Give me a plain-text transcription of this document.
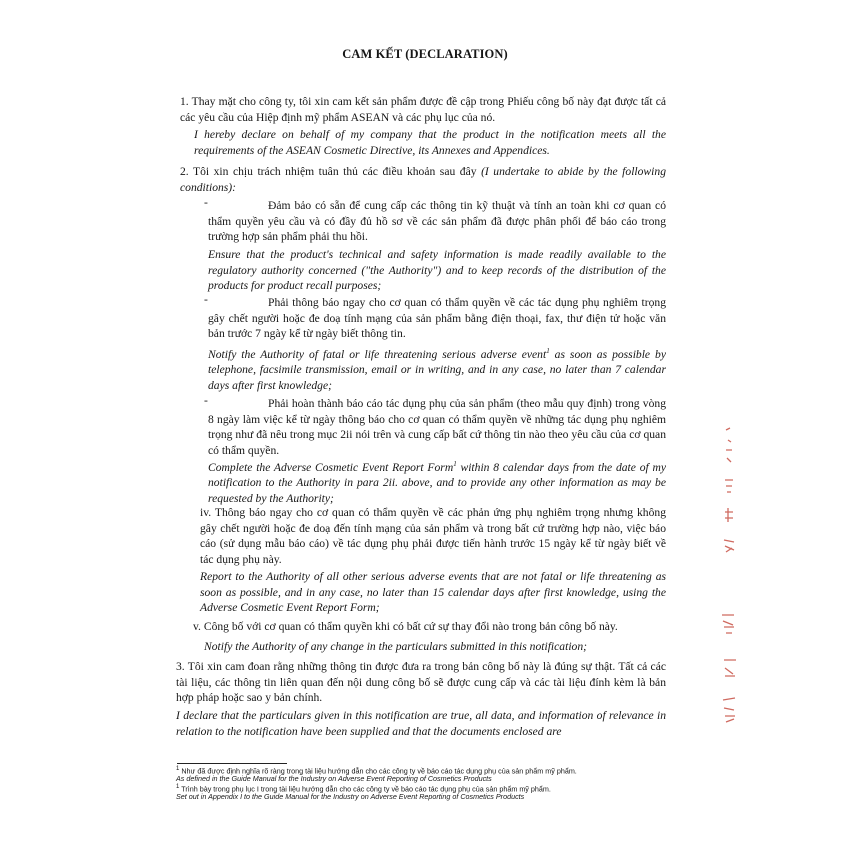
CAM KẾT (DECLARATION)

1. Thay mặt cho công ty, tôi xin cam kết sản phẩm được đề cập trong Phiếu công bố này đạt được tất cả các yêu cầu của Hiệp định mỹ phẩm ASEAN và các phụ lục của nó.

I hereby declare on behalf of my company that the product in the notification meets all the requirements of the ASEAN Cosmetic Directive, its Annexes and Appendices.

2. Tôi xin chịu trách nhiệm tuân thủ các điều khoản sau đây (I undertake to abide by the following conditions):

-	Đảm bảo có sẵn để cung cấp các thông tin kỹ thuật và tính an toàn khi cơ quan có thẩm quyền yêu cầu và có đầy đủ hồ sơ về các sản phẩm đã được phân phối để báo cáo trong trường hợp sản phẩm phải thu hồi.

Ensure that the product's technical and safety information is made readily available to the regulatory authority concerned ("the Authority") and to keep records of the distribution of the products for product recall purposes;

-	Phải thông báo ngay cho cơ quan có thẩm quyền về các tác dụng phụ nghiêm trọng gây chết người hoặc đe doạ tính mạng của sản phẩm bằng điện thoại, fax, thư điện tử hoặc văn bản trước 7 ngày kể từ ngày biết thông tin.

Notify the Authority of fatal or life threatening serious adverse event$^1$ as soon as possible by telephone, facsimile transmission, email or in writing, and in any case, no later than 7 calendar days after first knowledge;

-	Phải hoàn thành báo cáo tác dụng phụ của sản phẩm (theo mẫu quy định) trong vòng 8 ngày làm việc kể từ ngày thông báo cho cơ quan có thẩm quyền về những tác dụng phụ nghiêm trọng như đã nêu trong mục 2ii nói trên và cung cấp bất cứ thông tin nào theo yêu cầu của cơ quan có thẩm quyền.

Complete the Adverse Cosmetic Event Report Form$^1$ within 8 calendar days from the date of my notification to the Authority in para 2ii. above, and to provide any other information as may be requested by the Authority;

iv. Thông báo ngay cho cơ quan có thẩm quyền về các phản ứng phụ nghiêm trọng nhưng không gây chết người hoặc đe doạ đến tính mạng của sản phẩm và trong bất cứ trường hợp nào, việc báo cáo (sử dụng mẫu báo cáo) về tác dụng phụ phải được tiến hành trước 15 ngày kể từ ngày biết về tác dụng phụ này.

Report to the Authority of all other serious adverse events that are not fatal or life threatening as soon as possible, and in any case, no later than 15 calendar days after first knowledge, using the Adverse Cosmetic Event Report Form;

v. Công bố với cơ quan có thẩm quyền khi có bất cứ sự thay đổi nào trong bản công bố này.

Notify the Authority of any change in the particulars submitted in this notification;

3. Tôi xin cam đoan rằng những thông tin được đưa ra trong bản công bố này là đúng sự thật. Tất cả các tài liệu, các thông tin liên quan đến nội dung công bố sẽ được cung cấp và các tài liệu đính kèm là bản hợp pháp hoặc sao y bản chính.

I declare that the particulars given in this notification are true, all data, and information of relevance in relation to the notification have been supplied and that the documents enclosed are

$^1$ Như đã được định nghĩa rõ ràng trong tài liệu hướng dẫn cho các công ty về báo cáo tác dụng phụ của sản phẩm mỹ phẩm.

As defined in the Guide Manual for the Industry on Adverse Event Reporting of Cosmetics Products

$^1$ Trình bày trong phụ lục I trong tài liệu hướng dẫn cho các công ty về báo cáo tác dụng phụ của sản phẩm mỹ phẩm.

Set out in Appendix I to the Guide Manual for the Industry on Adverse Event Reporting of Cosmetics Products
